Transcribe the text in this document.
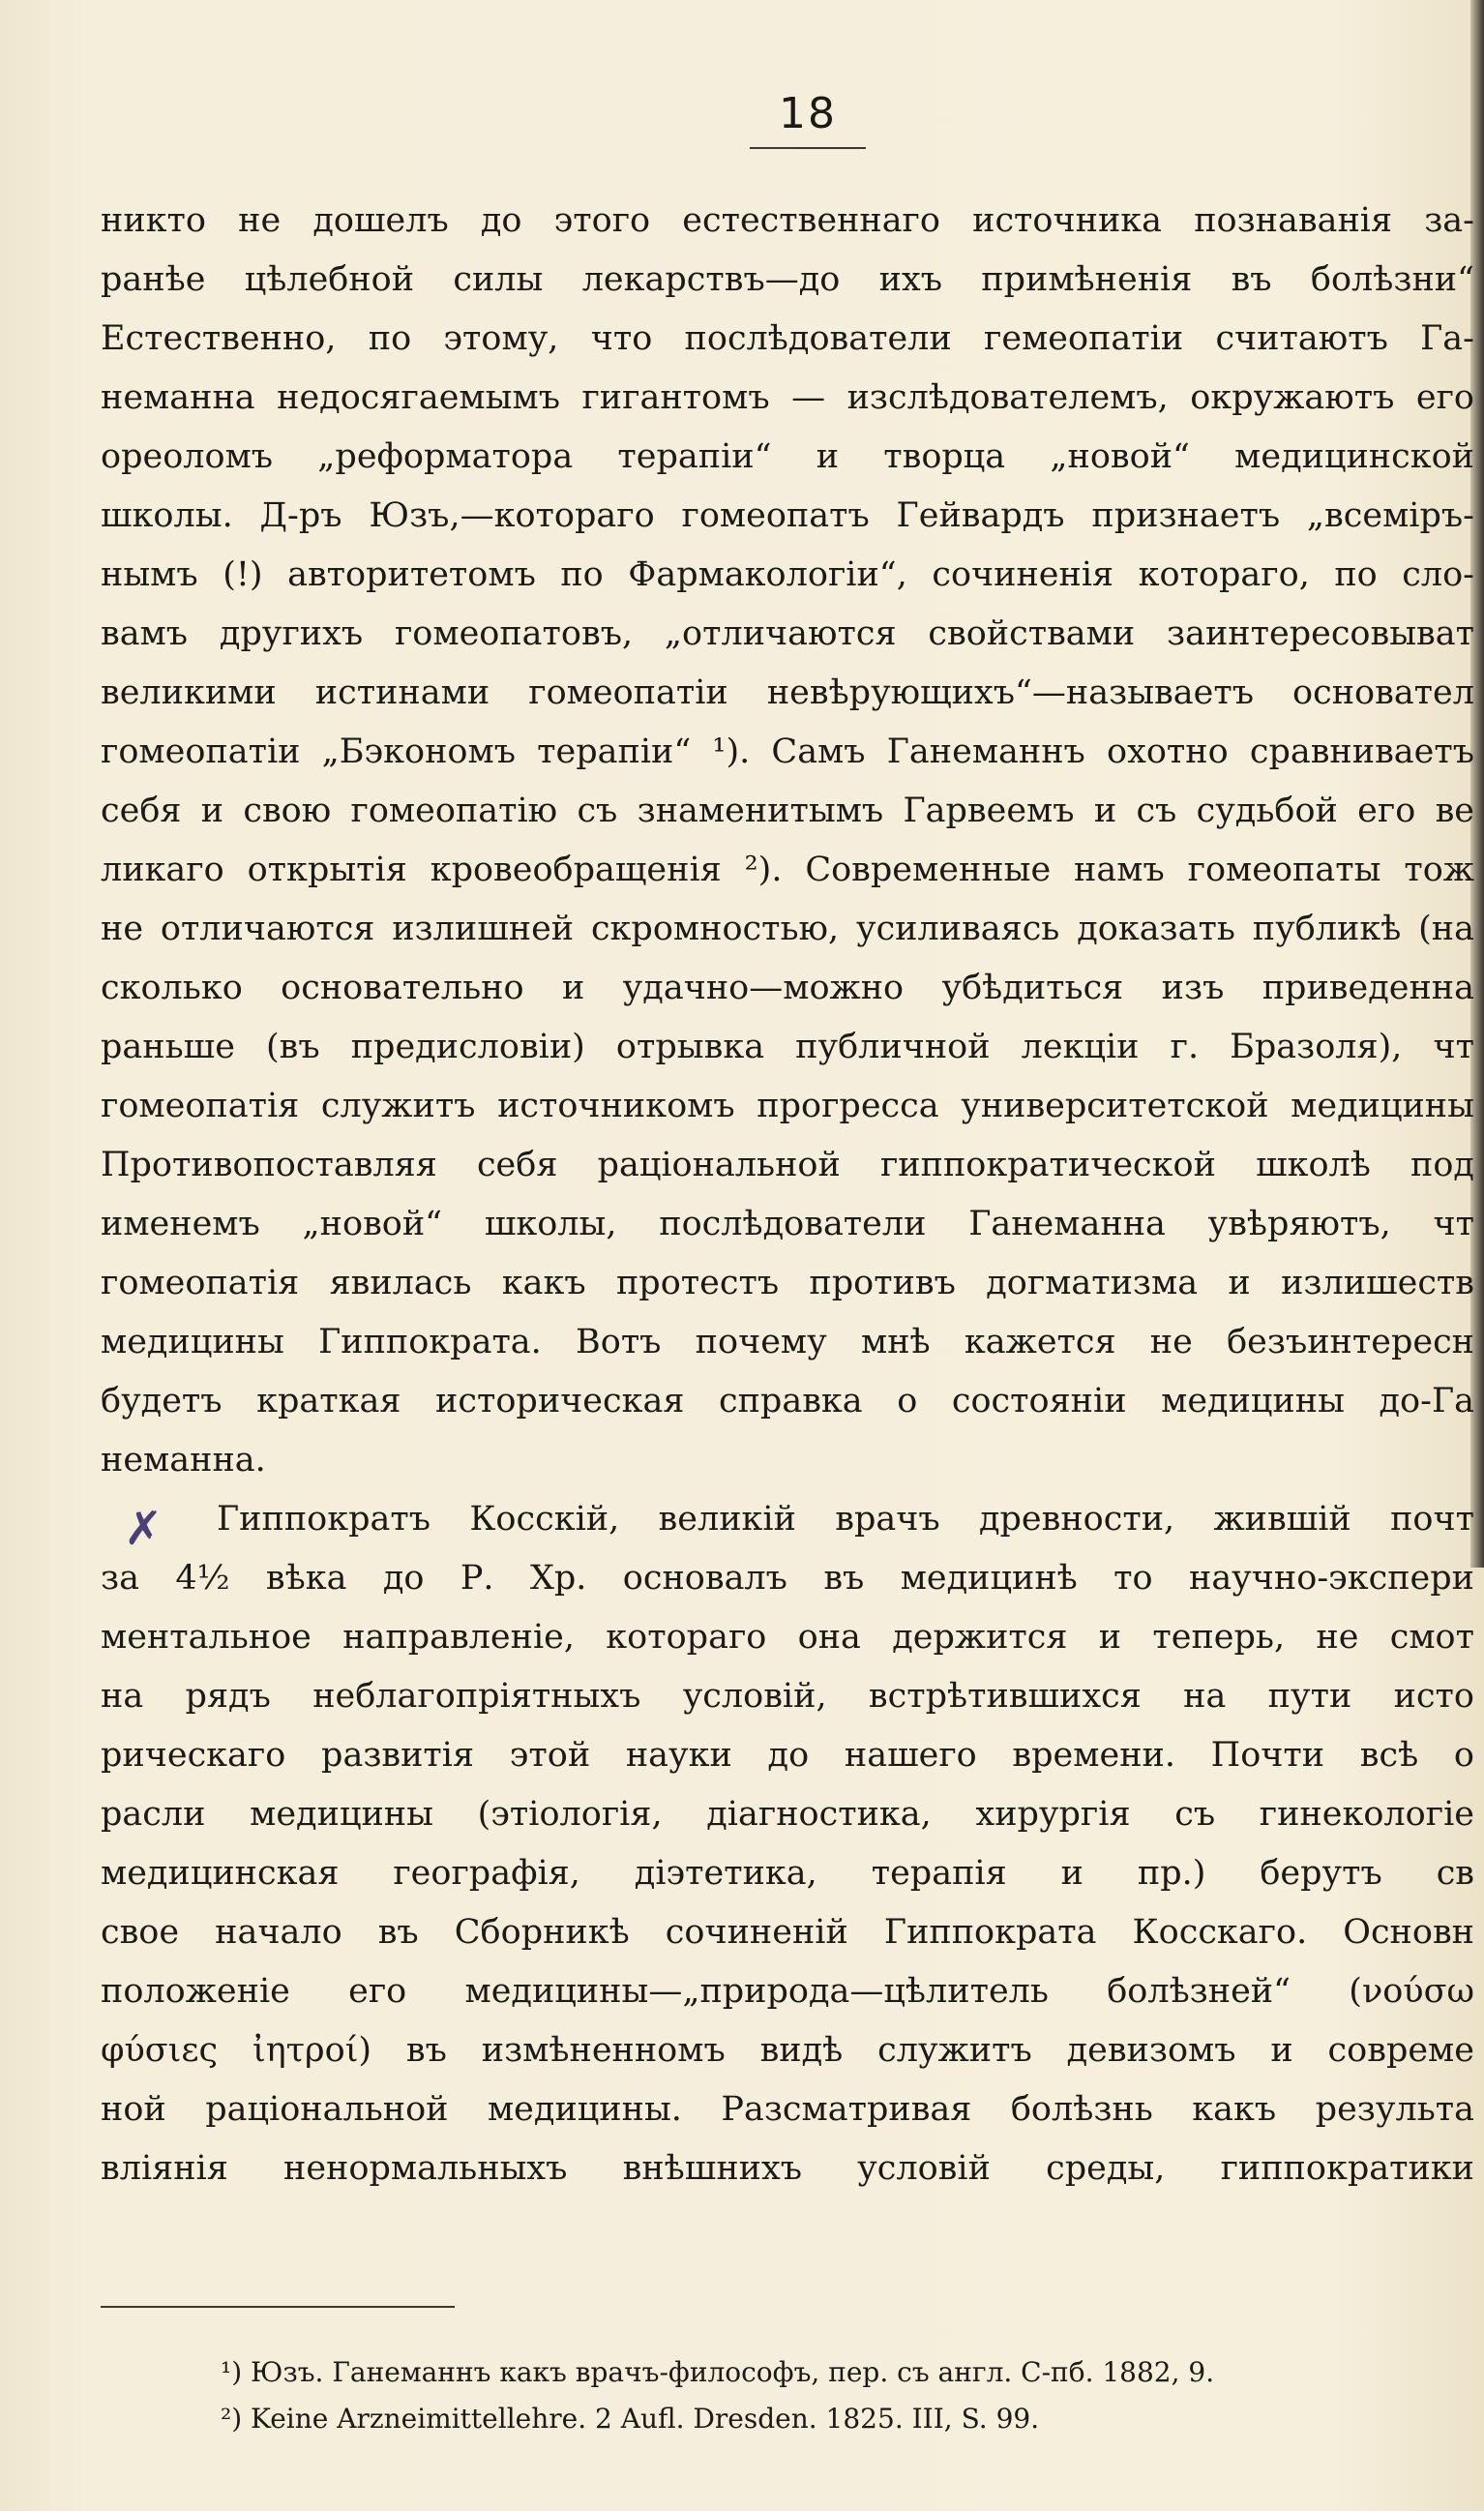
18
✗
никто не дошелъ до этого естественнаго источника познаванія за-
ранѣе цѣлебной силы лекарствъ—до ихъ примѣненія въ болѣзни“
Естественно, по этому, что послѣдователи гемеопатіи считаютъ Га-
неманна недосягаемымъ гигантомъ — изслѣдователемъ, окружаютъ его
ореоломъ „реформатора терапіи“ и творца „новой“ медицинской
школы. Д-ръ Юзъ,—котораго гомеопатъ Гейвардъ признаетъ „всеміръ-
нымъ (!) авторитетомъ по Фармакологіи“, сочиненія котораго, по сло-
вамъ другихъ гомеопатовъ, „отличаются свойствами заинтересовыват
великими истинами гомеопатіи невѣрующихъ“—называетъ основател
гомеопатіи „Бэкономъ терапіи“ ¹). Самъ Ганеманнъ охотно сравниваетъ
себя и свою гомеопатію съ знаменитымъ Гарвеемъ и съ судьбой его ве
ликаго открытія кровеобращенія ²). Современные намъ гомеопаты тож
не отличаются излишней скромностью, усиливаясь доказать публикѣ (на
сколько основательно и удачно—можно убѣдиться изъ приведенна
раньше (въ предисловіи) отрывка публичной лекціи г. Бразоля), чт
гомеопатія служитъ источникомъ прогресса университетской медицины
Противопоставляя себя раціональной гиппократической школѣ под
именемъ „новой“ школы, послѣдователи Ганеманна увѣряютъ, чт
гомеопатія явилась какъ протестъ противъ догматизма и излишеств
медицины Гиппократа. Вотъ почему мнѣ кажется не безъинтересн
будетъ краткая историческая справка о состояніи медицины до-Га
неманна.
Гиппократъ Косскій, великій врачъ древности, жившій почт
за 4½ вѣка до Р. Хр. основалъ въ медицинѣ то научно-экспери
ментальное направленіе, котораго она держится и теперь, не смот
на рядъ неблагопріятныхъ условій, встрѣтившихся на пути исто
рическаго развитія этой науки до нашего времени. Почти всѣ о
расли медицины (этіологія, діагностика, хирургія съ гинекологіе
медицинская географія, діэтетика, терапія и пр.) берутъ св
свое начало въ Сборникѣ сочиненій Гиппократа Косскаго. Основн
положеніе его медицины—„природа—цѣлитель болѣзней“ (νούσω
φύσιες ἰητροί) въ измѣненномъ видѣ служитъ девизомъ и совреме
ной раціональной медицины. Разсматривая болѣзнь какъ результа
вліянія ненормальныхъ внѣшнихъ условій среды, гиппократики
¹) Юзъ. Ганеманнъ какъ врачъ-философъ, пер. съ англ. С-пб. 1882, 9.
²) Keine Arzneimittellehre. 2 Aufl. Dresden. 1825. III, S. 99.
